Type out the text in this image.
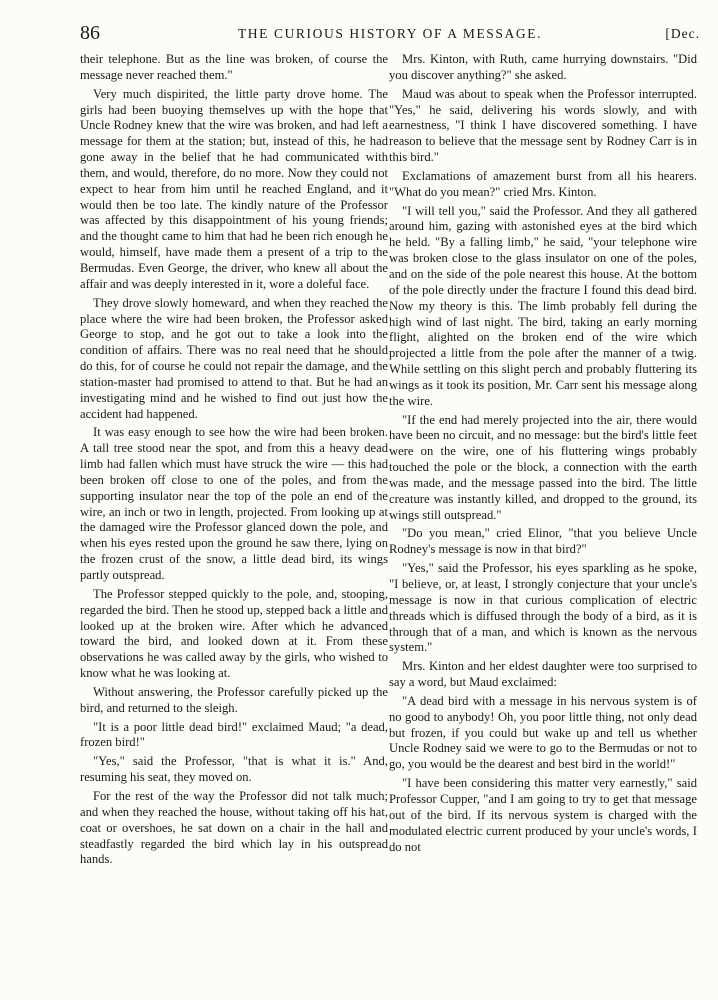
86	THE CURIOUS HISTORY OF A MESSAGE.	[Dec.

their telephone. But as the line was broken, of course the message never reached them."

Very much dispirited, the little party drove home. The girls had been buoying themselves up with the hope that Uncle Rodney knew that the wire was broken, and had left a message for them at the station; but, instead of this, he had gone away in the belief that he had communicated with them, and would, therefore, do no more. Now they could not expect to hear from him until he reached England, and it would then be too late. The kindly nature of the Professor was affected by this disappointment of his young friends; and the thought came to him that had he been rich enough he would, himself, have made them a present of a trip to the Bermudas. Even George, the driver, who knew all about the affair and was deeply interested in it, wore a doleful face.

They drove slowly homeward, and when they reached the place where the wire had been broken, the Professor asked George to stop, and he got out to take a look into the condition of affairs. There was no real need that he should do this, for of course he could not repair the damage, and the station-master had promised to attend to that. But he had an investigating mind and he wished to find out just how the accident had happened.

It was easy enough to see how the wire had been broken. A tall tree stood near the spot, and from this a heavy dead limb had fallen which must have struck the wire — this had been broken off close to one of the poles, and from the supporting insulator near the top of the pole an end of the wire, an inch or two in length, projected. From looking up at the damaged wire the Professor glanced down the pole, and when his eyes rested upon the ground he saw there, lying on the frozen crust of the snow, a little dead bird, its wings partly outspread.

The Professor stepped quickly to the pole, and, stooping, regarded the bird. Then he stood up, stepped back a little and looked up at the broken wire. After which he advanced toward the bird, and looked down at it. From these observations he was called away by the girls, who wished to know what he was looking at.

Without answering, the Professor carefully picked up the bird, and returned to the sleigh.

"It is a poor little dead bird!" exclaimed Maud; "a dead, frozen bird!"

"Yes," said the Professor, "that is what it is." And, resuming his seat, they moved on.

For the rest of the way the Professor did not talk much; and when they reached the house, without taking off his hat, coat or overshoes, he sat down on a chair in the hall and steadfastly regarded the bird which lay in his outspread hands.

Mrs. Kinton, with Ruth, came hurrying downstairs. "Did you discover anything?" she asked.

Maud was about to speak when the Professor interrupted. "Yes," he said, delivering his words slowly, and with earnestness, "I think I have discovered something. I have reason to believe that the message sent by Rodney Carr is in this bird."

Exclamations of amazement burst from all his hearers. "What do you mean?" cried Mrs. Kinton.

"I will tell you," said the Professor. And they all gathered around him, gazing with astonished eyes at the bird which he held. "By a falling limb," he said, "your telephone wire was broken close to the glass insulator on one of the poles, and on the side of the pole nearest this house. At the bottom of the pole directly under the fracture I found this dead bird. Now my theory is this. The limb probably fell during the high wind of last night. The bird, taking an early morning flight, alighted on the broken end of the wire which projected a little from the pole after the manner of a twig. While settling on this slight perch and probably fluttering its wings as it took its position, Mr. Carr sent his message along the wire.

"If the end had merely projected into the air, there would have been no circuit, and no message: but the bird's little feet were on the wire, one of his fluttering wings probably touched the pole or the block, a connection with the earth was made, and the message passed into the bird. The little creature was instantly killed, and dropped to the ground, its wings still outspread."

"Do you mean," cried Elinor, "that you believe Uncle Rodney's message is now in that bird?"

"Yes," said the Professor, his eyes sparkling as he spoke, "I believe, or, at least, I strongly conjecture that your uncle's message is now in that curious complication of electric threads which is diffused through the body of a bird, as it is through that of a man, and which is known as the nervous system."

Mrs. Kinton and her eldest daughter were too surprised to say a word, but Maud exclaimed:

"A dead bird with a message in his nervous system is of no good to anybody! Oh, you poor little thing, not only dead but frozen, if you could but wake up and tell us whether Uncle Rodney said we were to go to the Bermudas or not to go, you would be the dearest and best bird in the world!"

"I have been considering this matter very earnestly," said Professor Cupper, "and I am going to try to get that message out of the bird. If its nervous system is charged with the modulated electric current produced by your uncle's words, I do not
